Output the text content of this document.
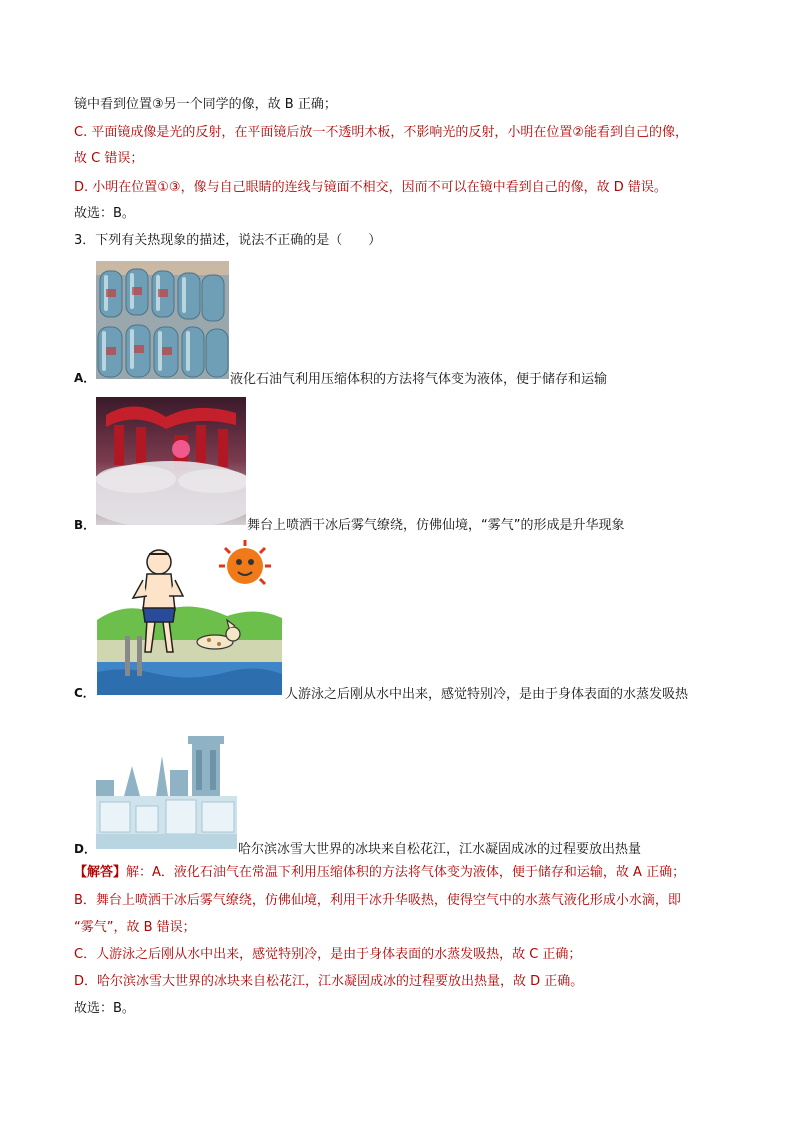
镜中看到位置③另一个同学的像，故 B 正确；
C. 平面镜成像是光的反射，在平面镜后放一不透明木板，不影响光的反射，小明在位置②能看到自己的像，
故 C 错误；
D. 小明在位置①③，像与自己眼睛的连线与镜面不相交，因而不可以在镜中看到自己的像，故 D 错误。
故选：B。
3．下列有关热现象的描述，说法不正确的是（　　）
A．	液化石油气利用压缩体积的方法将气体变为液体，便于储存和运输
B．	舞台上喷洒干冰后雾气缭绕，仿佛仙境，“雾气”的形成是升华现象
C．	人游泳之后刚从水中出来，感觉特别冷，是由于身体表面的水蒸发吸热
D．	哈尔滨冰雪大世界的冰块来自松花江，江水凝固成冰的过程要放出热量
【解答】解：A．液化石油气在常温下利用压缩体积的方法将气体变为液体，便于储存和运输，故 A 正确；
B．舞台上喷洒干冰后雾气缭绕，仿佛仙境，利用干冰升华吸热，使得空气中的水蒸气液化形成小水滴，即
“雾气”，故 B 错误；
C．人游泳之后刚从水中出来，感觉特别冷，是由于身体表面的水蒸发吸热，故 C 正确；
D．哈尔滨冰雪大世界的冰块来自松花江，江水凝固成冰的过程要放出热量，故 D 正确。
故选：B。
